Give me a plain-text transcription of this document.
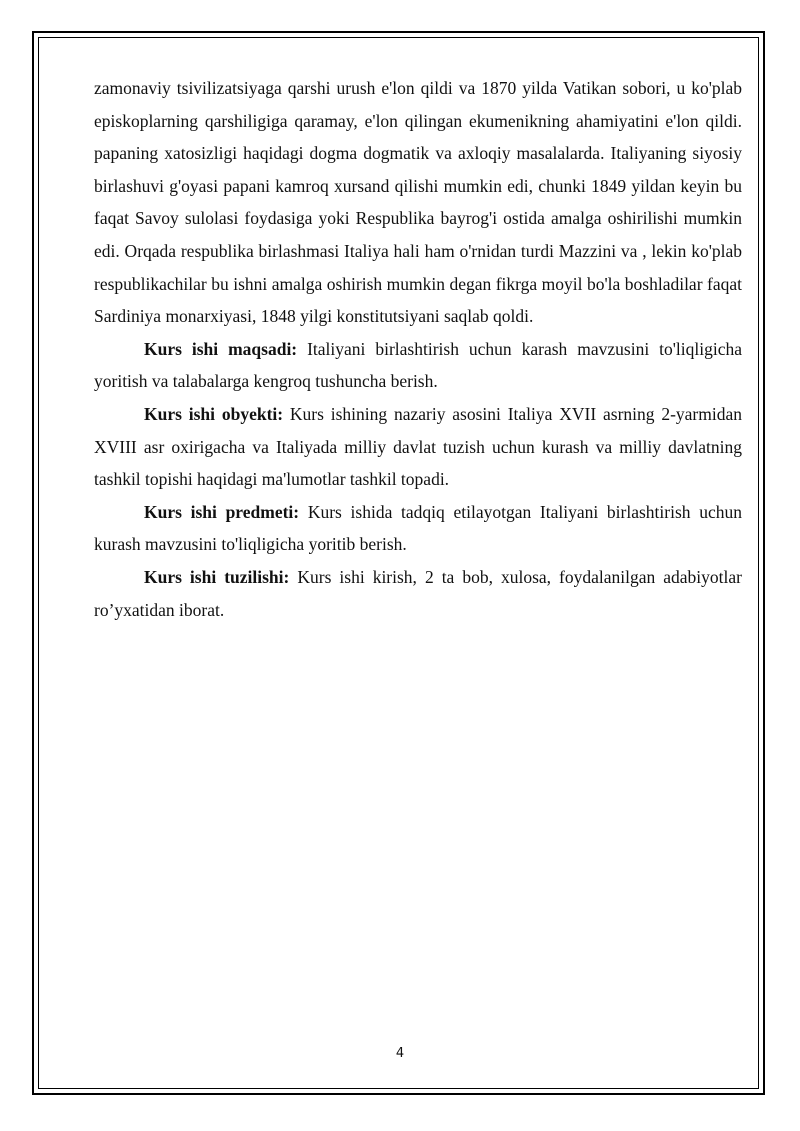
zamonaviy tsivilizatsiyaga qarshi urush e'lon qildi va 1870 yilda Vatikan sobori, u ko'plab episkoplarning qarshiligiga qaramay, e'lon qilingan ekumenikning ahamiyatini e'lon qildi. papaning xatosizligi haqidagi dogma dogmatik va axloqiy masalalarda. Italiyaning siyosiy birlashuvi g'oyasi papani kamroq xursand qilishi mumkin edi, chunki 1849 yildan keyin bu faqat Savoy sulolasi foydasiga yoki Respublika bayrog'i ostida amalga oshirilishi mumkin edi. Orqada respublika birlashmasi Italiya hali ham o'rnidan turdi Mazzini va , lekin ko'plab respublikachilar bu ishni amalga oshirish mumkin degan fikrga moyil bo'la boshladilar faqat Sardiniya monarxiyasi, 1848 yilgi konstitutsiyani saqlab qoldi.

Kurs ishi maqsadi: Italiyani birlashtirish uchun karash mavzusini to'liqligicha yoritish va talabalarga kengroq tushuncha berish.

Kurs ishi obyekti: Kurs ishining nazariy asosini Italiya XVII asrning 2-yarmidan XVIII asr oxirigacha va Italiyada milliy davlat tuzish uchun kurash va milliy davlatning tashkil topishi haqidagi ma'lumotlar tashkil topadi.

Kurs ishi predmeti: Kurs ishida tadqiq etilayotgan Italiyani birlashtirish uchun kurash mavzusini to'liqligicha yoritib berish.

Kurs ishi tuzilishi: Kurs ishi kirish, 2 ta bob, xulosa, foydalanilgan adabiyotlar ro’yxatidan iborat.

4
